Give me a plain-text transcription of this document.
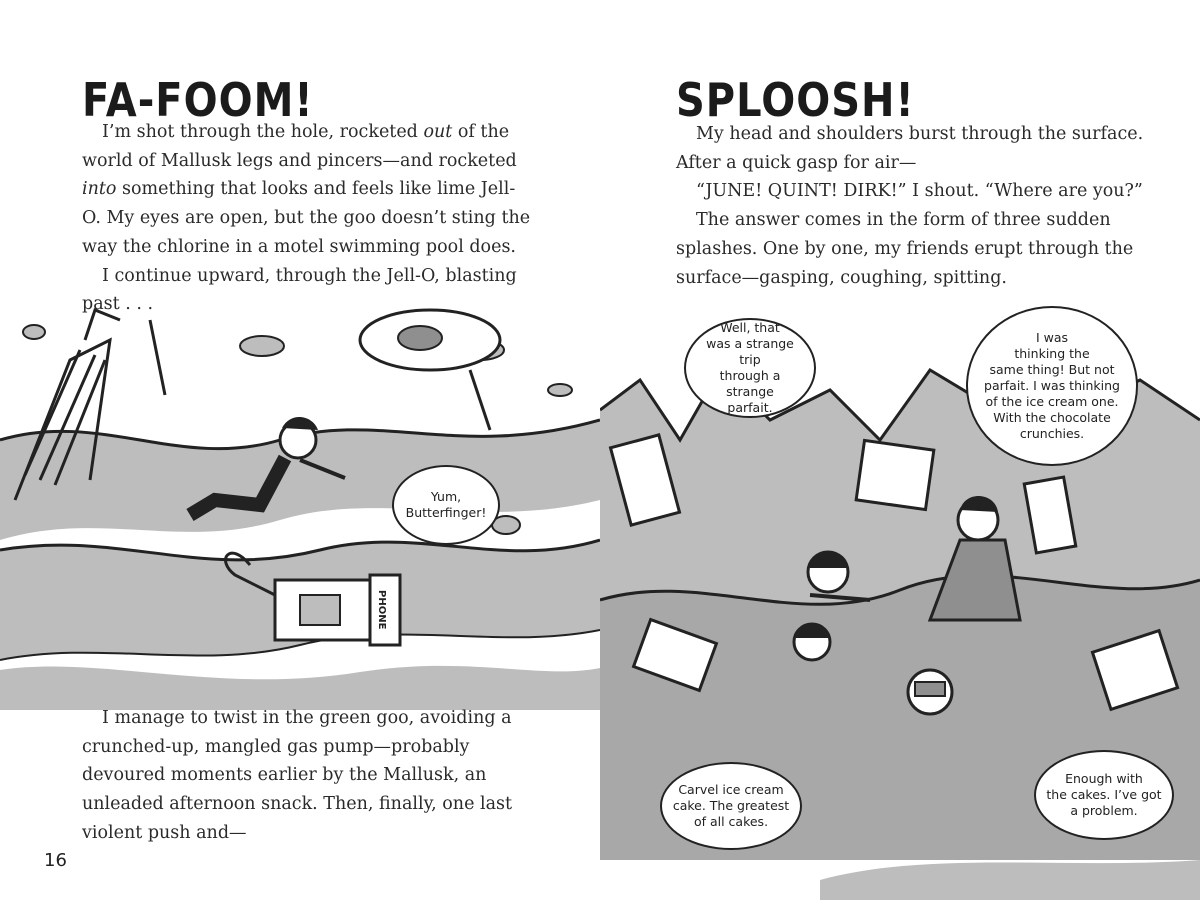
FA-FOOM!

I’m shot through the hole, rocketed out of the world of Mallusk legs and pincers—and rocketed into something that looks and feels like lime Jell-O. My eyes are open, but the goo doesn’t sting the way the chlorine in a motel swimming pool does.

I continue upward, through the Jell-O, blasting past . . .

PHONE
Yum,
Butterfinger!

I manage to twist in the green goo, avoiding a crunched-up, mangled gas pump—probably devoured moments earlier by the Mallusk, an unleaded afternoon snack. Then, finally, one last violent push and—

16
SPLOOSH!

My head and shoulders burst through the surface. After a quick gasp for air—

“JUNE! QUINT! DIRK!” I shout. “Where are you?”

The answer comes in the form of three sudden splashes. One by one, my friends erupt through the surface—gasping, coughing, spitting.

Well, that
was a strange trip
through a strange
parfait.
I was
thinking the
same thing! But not
parfait. I was thinking
of the ice cream one.
With the chocolate
crunchies.
Carvel ice cream
cake. The greatest
of all cakes.
Enough with
the cakes. I’ve got
a problem.
